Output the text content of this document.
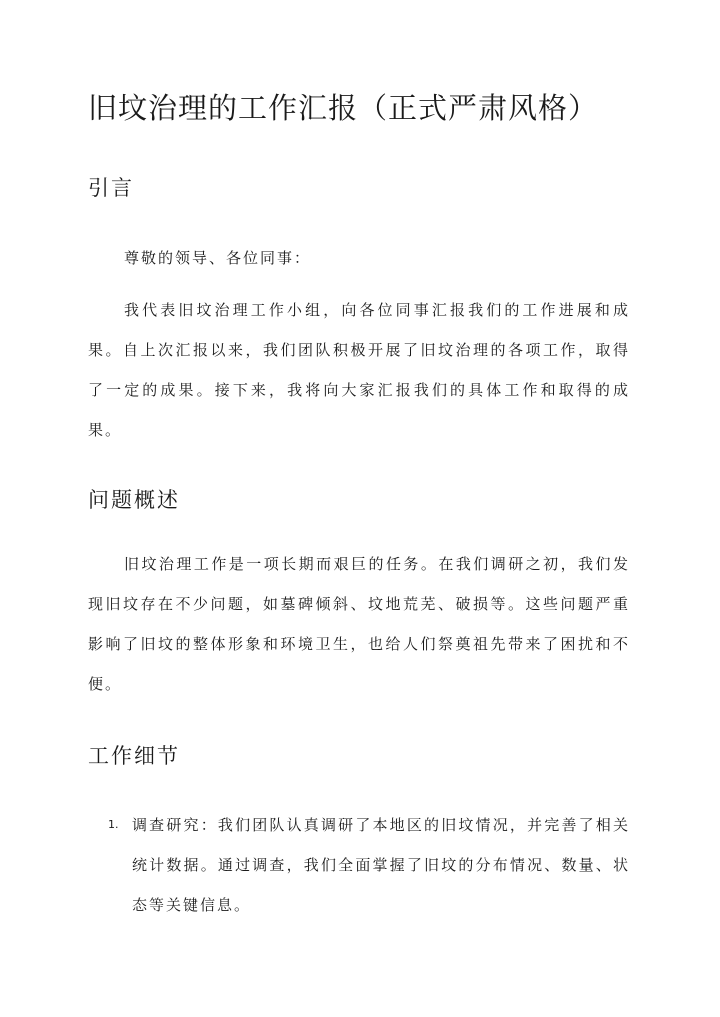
旧坟治理的工作汇报（正式严肃风格）
引言

尊敬的领导、各位同事：

我代表旧坟治理工作小组，向各位同事汇报我们的工作进展和成果。自上次汇报以来，我们团队积极开展了旧坟治理的各项工作，取得了一定的成果。接下来，我将向大家汇报我们的具体工作和取得的成果。

问题概述

旧坟治理工作是一项长期而艰巨的任务。在我们调研之初，我们发现旧坟存在不少问题，如墓碑倾斜、坟地荒芜、破损等。这些问题严重影响了旧坟的整体形象和环境卫生，也给人们祭奠祖先带来了困扰和不便。

工作细节
1. 调查研究：我们团队认真调研了本地区的旧坟情况，并完善了相关统计数据。通过调查，我们全面掌握了旧坟的分布情况、数量、状态等关键信息。
